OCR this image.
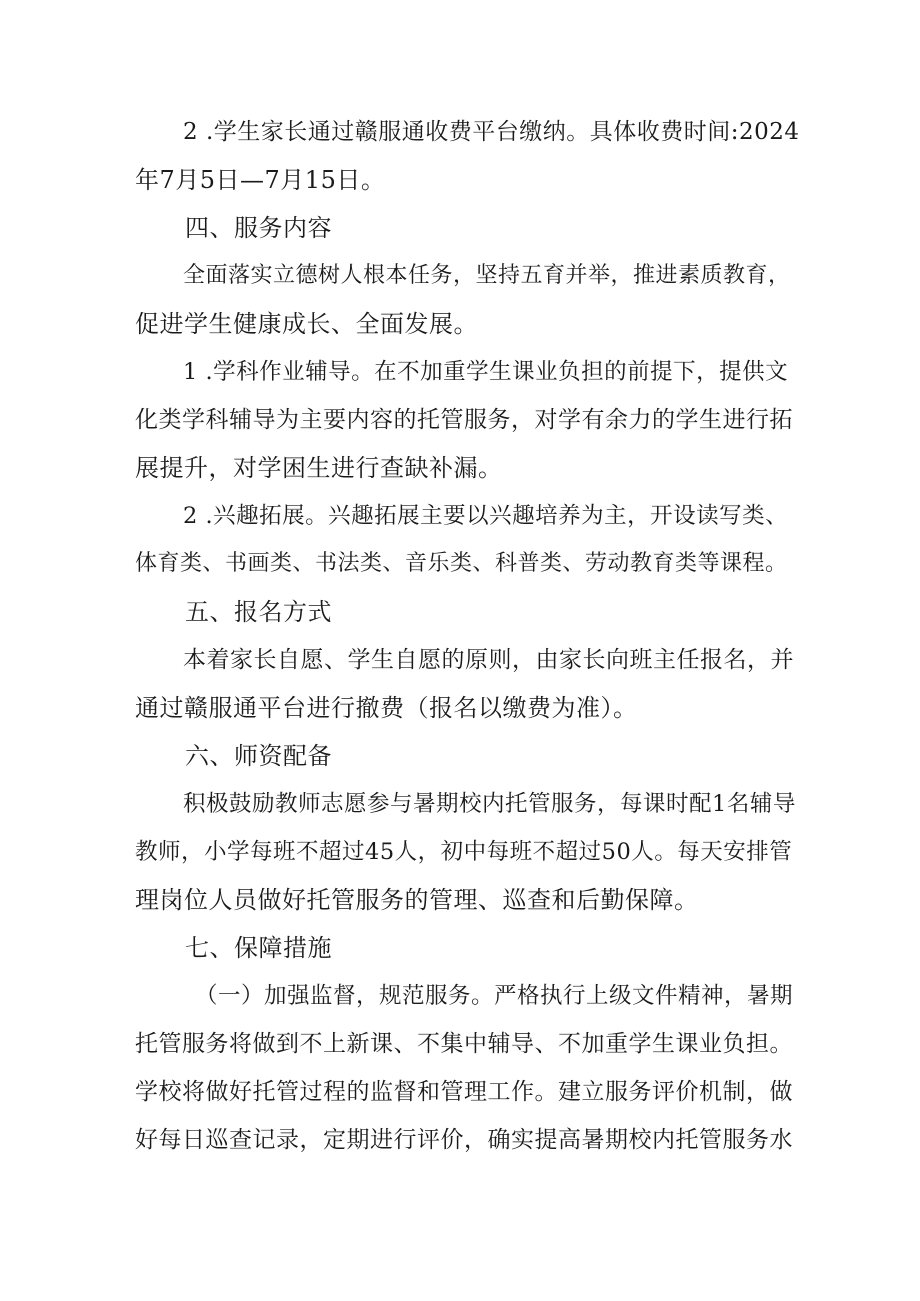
2 .学生家长通过赣服通收费平台缴纳。具体收费时间:2024
年7月5日—7月15日。
四、服务内容
全面落实立德树人根本任务，坚持五育并举，推进素质教育，
促进学生健康成长、全面发展。
1 .学科作业辅导。在不加重学生课业负担的前提下，提供文
化类学科辅导为主要内容的托管服务，对学有余力的学生进行拓
展提升，对学困生进行查缺补漏。
2 .兴趣拓展。兴趣拓展主要以兴趣培养为主，开设读写类、
体育类、书画类、书法类、音乐类、科普类、劳动教育类等课程。
五、报名方式
本着家长自愿、学生自愿的原则，由家长向班主任报名，并
通过赣服通平台进行撤费（报名以缴费为准）。
六、师资配备
积极鼓励教师志愿参与暑期校内托管服务，每课时配1名辅导
教师，小学每班不超过45人，初中每班不超过50人。每天安排管
理岗位人员做好托管服务的管理、巡查和后勤保障。
七、保障措施
（一）加强监督，规范服务。严格执行上级文件精神，暑期
托管服务将做到不上新课、不集中辅导、不加重学生课业负担。
学校将做好托管过程的监督和管理工作。建立服务评价机制，做
好每日巡查记录，定期进行评价，确实提高暑期校内托管服务水
